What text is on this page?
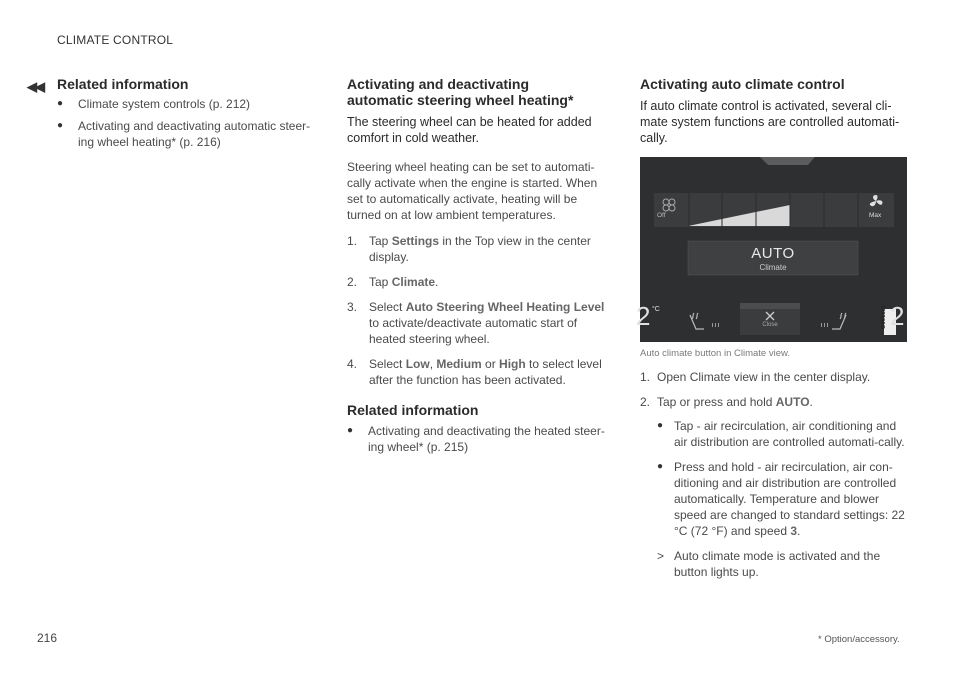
CLIMATE CONTROL
◀◀ Related information
● Climate system controls (p. 212)
● Activating and deactivating automatic steer-ing wheel heating* (p. 216)
Activating and deactivating
automatic steering wheel heating*
The steering wheel can be heated for added comfort in cold weather.

Steering wheel heating can be set to automati-cally activate when the engine is started. When set to automatically activate, heating will be turned on at low ambient temperatures.

1. Tap Settings in the Top view in the center display.
2. Tap Climate.
3. Select Auto Steering Wheel Heating Level to activate/deactivate automatic start of heated steering wheel.
4. Select Low, Medium or High to select level after the function has been activated.
Related information
● Activating and deactivating the heated steer-ing wheel* (p. 215)
Activating auto climate control
If auto climate control is activated, several cli-mate system functions are controlled automati-cally.
Off	Max
AUTO
Climate
Close
2 °C	2
G061115
Auto climate button in Climate view.
1. Open Climate view in the center display.
2. Tap or press and hold AUTO.
● Tap - air recirculation, air conditioning and air distribution are controlled automati-cally.
● Press and hold - air recirculation, air con-ditioning and air distribution are controlled automatically. Temperature and blower speed are changed to standard settings: 22 °C (72 °F) and speed 3.
> Auto climate mode is activated and the button lights up.
216	* Option/accessory.
